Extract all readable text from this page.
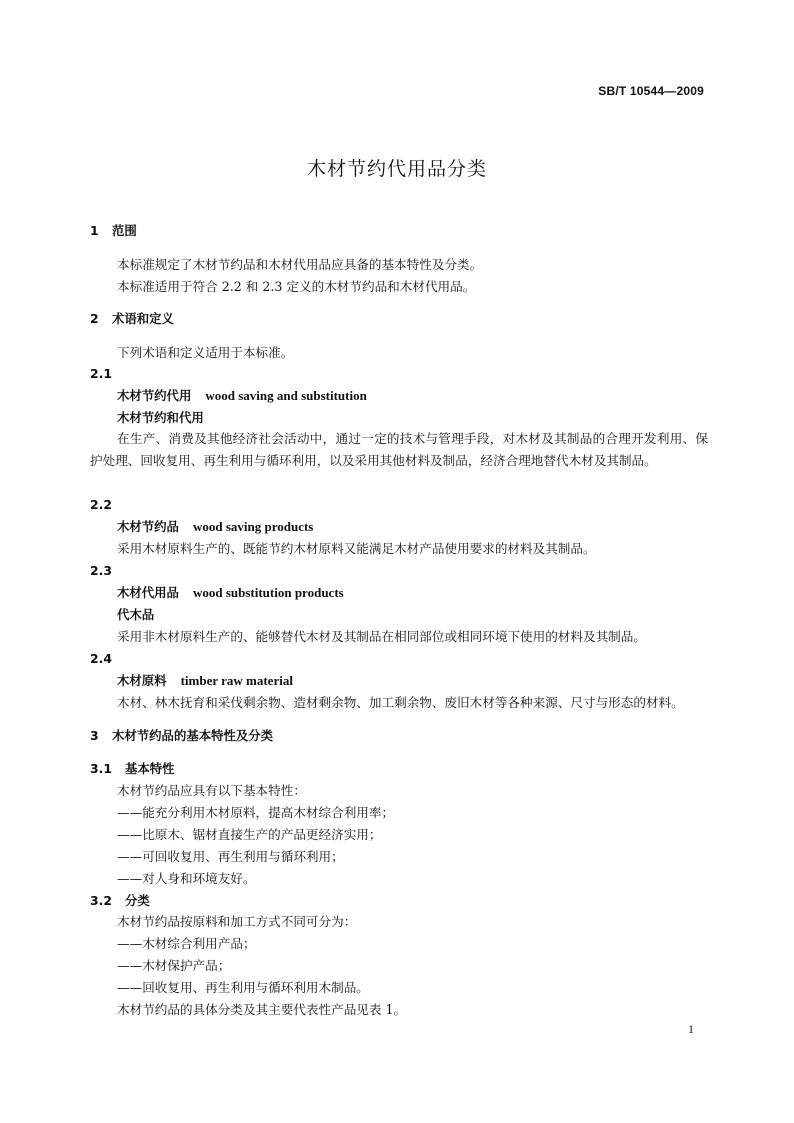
SB/T 10544—2009
木材节约代用品分类
1 范围
本标准规定了木材节约品和木材代用品应具备的基本特性及分类。
本标准适用于符合 2.2 和 2.3 定义的木材节约品和木材代用品。
2 术语和定义
下列术语和定义适用于本标准。
2.1
木材节约代用 wood saving and substitution
木材节约和代用
在生产、消费及其他经济社会活动中，通过一定的技术与管理手段，对木材及其制品的合理开发利用、保护处理、回收复用、再生利用与循环利用，以及采用其他材料及制品，经济合理地替代木材及其制品。
2.2
木材节约品 wood saving products
采用木材原料生产的、既能节约木材原料又能满足木材产品使用要求的材料及其制品。
2.3
木材代用品 wood substitution products
代木品
采用非木材原料生产的、能够替代木材及其制品在相同部位或相同环境下使用的材料及其制品。
2.4
木材原料 timber raw material
木材、林木抚育和采伐剩余物、造材剩余物、加工剩余物、废旧木材等各种来源、尺寸与形态的材料。
3 木材节约品的基本特性及分类
3.1 基本特性
木材节约品应具有以下基本特性：
——能充分利用木材原料，提高木材综合利用率；
——比原木、锯材直接生产的产品更经济实用；
——可回收复用、再生利用与循环利用；
——对人身和环境友好。
3.2 分类
木材节约品按原料和加工方式不同可分为：
——木材综合利用产品；
——木材保护产品；
——回收复用、再生利用与循环利用木制品。
木材节约品的具体分类及其主要代表性产品见表 1。
1
